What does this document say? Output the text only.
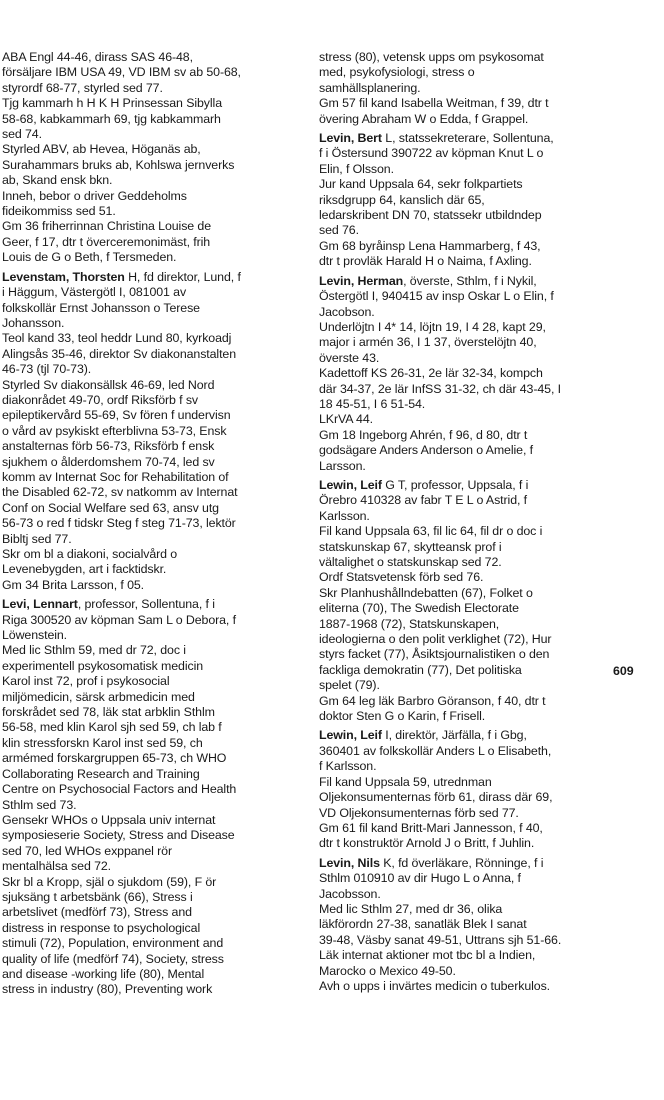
ABA Engl 44-46, dirass SAS 46-48,
försäljare IBM USA 49, VD IBM sv ab 50-68,
styrordf 68-77, styrled sed 77.
Tjg kammarh h H K H Prinsessan Sibylla
58-68, kabkammarh 69, tjg kabkammarh
sed 74.
Styrled ABV, ab Hevea, Höganäs ab,
Surahammars bruks ab, Kohlswa jernverks
ab, Skand ensk bkn.
Inneh, bebor o driver Geddeholms
fideikommiss sed 51.
Gm 36 friherrinnan Christina Louise de
Geer, f 17, dtr t överceremonimäst, frih
Louis de G o Beth, f Tersmeden.
Levenstam, Thorsten H, fd direktor, Lund, f
i Häggum, Västergötl I, 081001 av
folkskollär Ernst Johansson o Terese
Johansson.
Teol kand 33, teol heddr Lund 80, kyrkoadj
Alingsås 35-46, direktor Sv diakonanstalten
46-73 (tjl 70-73).
Styrled Sv diakonsällsk 46-69, led Nord
diakonrådet 49-70, ordf Riksförb f sv
epileptikervård 55-69, Sv fören f undervisn
o vård av psykiskt efterblivna 53-73, Ensk
anstalternas förb 56-73, Riksförb f ensk
sjukhem o ålderdomshem 70-74, led sv
komm av Internat Soc for Rehabilitation of
the Disabled 62-72, sv natkomm av Internat
Conf on Social Welfare sed 63, ansv utg
56-73 o red f tidskr Steg f steg 71-73, lektör
Bibltj sed 77.
Skr om bl a diakoni, socialvård o
Levenebygden, art i facktidskr.
Gm 34 Brita Larsson, f 05.
Levi, Lennart, professor, Sollentuna, f i
Riga 300520 av köpman Sam L o Debora, f
Löwenstein.
Med lic Sthlm 59, med dr 72, doc i
experimentell psykosomatisk medicin
Karol inst 72, prof i psykosocial
miljömedicin, särsk arbmedicin med
forskrådet sed 78, läk stat arbklin Sthlm
56-58, med klin Karol sjh sed 59, ch lab f
klin stressforskn Karol inst sed 59, ch
armémed forskargruppen 65-73, ch WHO
Collaborating Research and Training
Centre on Psychosocial Factors and Health
Sthlm sed 73.
Gensekr WHOs o Uppsala univ internat
symposieserie Society, Stress and Disease
sed 70, led WHOs exppanel rör
mentalhälsa sed 72.
Skr bl a Kropp, själ o sjukdom (59), F ör
sjuksäng t arbetsbänk (66), Stress i
arbetslivet (medförf 73), Stress and
distress in response to psychological
stimuli (72), Population, environment and
quality of life (medförf 74), Society, stress
and disease -working life (80), Mental
stress in industry (80), Preventing work
stress (80), vetensk upps om psykosomat
med, psykofysiologi, stress o
samhällsplanering.
Gm 57 fil kand Isabella Weitman, f 39, dtr t
övering Abraham W o Edda, f Grappel.
Levin, Bert L, statssekreterare, Sollentuna,
f i Östersund 390722 av köpman Knut L o
Elin, f Olsson.
Jur kand Uppsala 64, sekr folkpartiets
riksdgrupp 64, kanslich där 65,
ledarskribent DN 70, statssekr utbildndep
sed 76.
Gm 68 byråinsp Lena Hammarberg, f 43,
dtr t provläk Harald H o Naima, f Axling.
Levin, Herman, överste, Sthlm, f i Nykil,
Östergötl I, 940415 av insp Oskar L o Elin, f
Jacobson.
Underlöjtn I 4* 14, löjtn 19, I 4 28, kapt 29,
major i armén 36, I 1 37, överstelöjtn 40,
överste 43.
Kadettoff KS 26-31, 2e lär 32-34, kompch
där 34-37, 2e lär InfSS 31-32, ch där 43-45, I
18 45-51, I 6 51-54.
LKrVA 44.
Gm 18 Ingeborg Ahrén, f 96, d 80, dtr t
godsägare Anders Anderson o Amelie, f
Larsson.
Lewin, Leif G T, professor, Uppsala, f i
Örebro 410328 av fabr T E L o Astrid, f
Karlsson.
Fil kand Uppsala 63, fil lic 64, fil dr o doc i
statskunskap 67, skytteansk prof i
vältalighet o statskunskap sed 72.
Ordf Statsvetensk förb sed 76.
Skr Planhushållndebatten (67), Folket o
eliterna (70), The Swedish Electorate
1887-1968 (72), Statskunskapen,
ideologierna o den polit verklighet (72), Hur
styrs facket (77), Åsiktsjournalistiken o den
fackliga demokratin (77), Det politiska
spelet (79).
Gm 64 leg läk Barbro Göranson, f 40, dtr t
doktor Sten G o Karin, f Frisell.
Lewin, Leif I, direktör, Järfälla, f i Gbg,
360401 av folkskollär Anders L o Elisabeth,
f Karlsson.
Fil kand Uppsala 59, utrednman
Oljekonsumenternas förb 61, dirass där 69,
VD Oljekonsumenternas förb sed 77.
Gm 61 fil kand Britt-Mari Jannesson, f 40,
dtr t konstruktör Arnold J o Britt, f Juhlin.
Levin, Nils K, fd överläkare, Rönninge, f i
Sthlm 010910 av dir Hugo L o Anna, f
Jacobsson.
Med lic Sthlm 27, med dr 36, olika
läkförordn 27-38, sanatläk Blek I sanat
39-48, Väsby sanat 49-51, Uttrans sjh 51-66.
Läk internat aktioner mot tbc bl a Indien,
Marocko o Mexico 49-50.
Avh o upps i invärtes medicin o tuberkulos.
609
